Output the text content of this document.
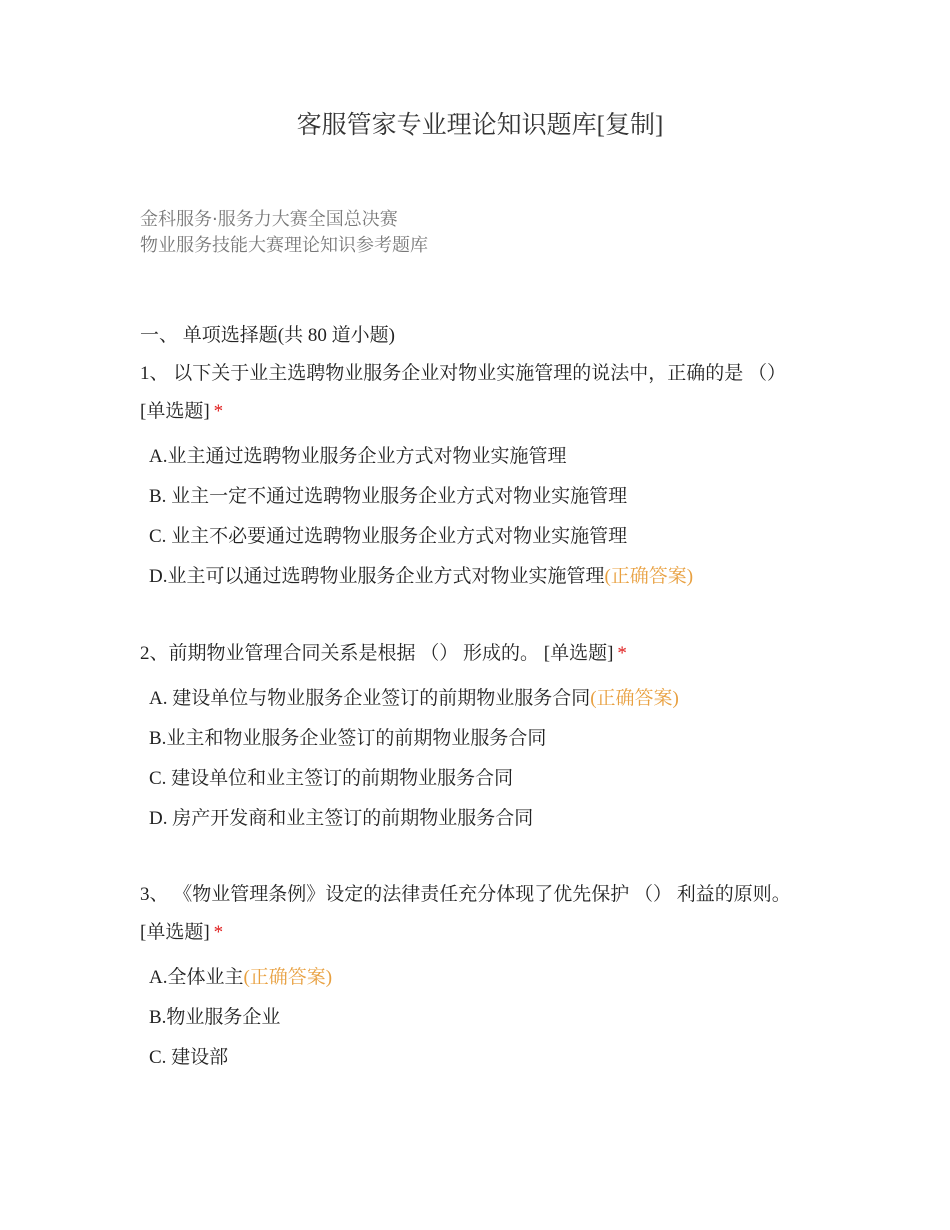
客服管家专业理论知识题库[复制]
金科服务·服务力大赛全国总决赛
物业服务技能大赛理论知识参考题库
一、 单项选择题(共 80 道小题)
1、 以下关于业主选聘物业服务企业对物业实施管理的说法中，正确的是 （） [单选题] *
A.业主通过选聘物业服务企业方式对物业实施管理
B. 业主一定不通过选聘物业服务企业方式对物业实施管理
C. 业主不必要通过选聘物业服务企业方式对物业实施管理
D.业主可以通过选聘物业服务企业方式对物业实施管理(正确答案)
2、前期物业管理合同关系是根据 （） 形成的。 [单选题] *
A. 建设单位与物业服务企业签订的前期物业服务合同(正确答案)
B.业主和物业服务企业签订的前期物业服务合同
C. 建设单位和业主签订的前期物业服务合同
D. 房产开发商和业主签订的前期物业服务合同
3、 《物业管理条例》设定的法律责任充分体现了优先保护 （） 利益的原则。 [单选题] *
A.全体业主(正确答案)
B.物业服务企业
C. 建设部
